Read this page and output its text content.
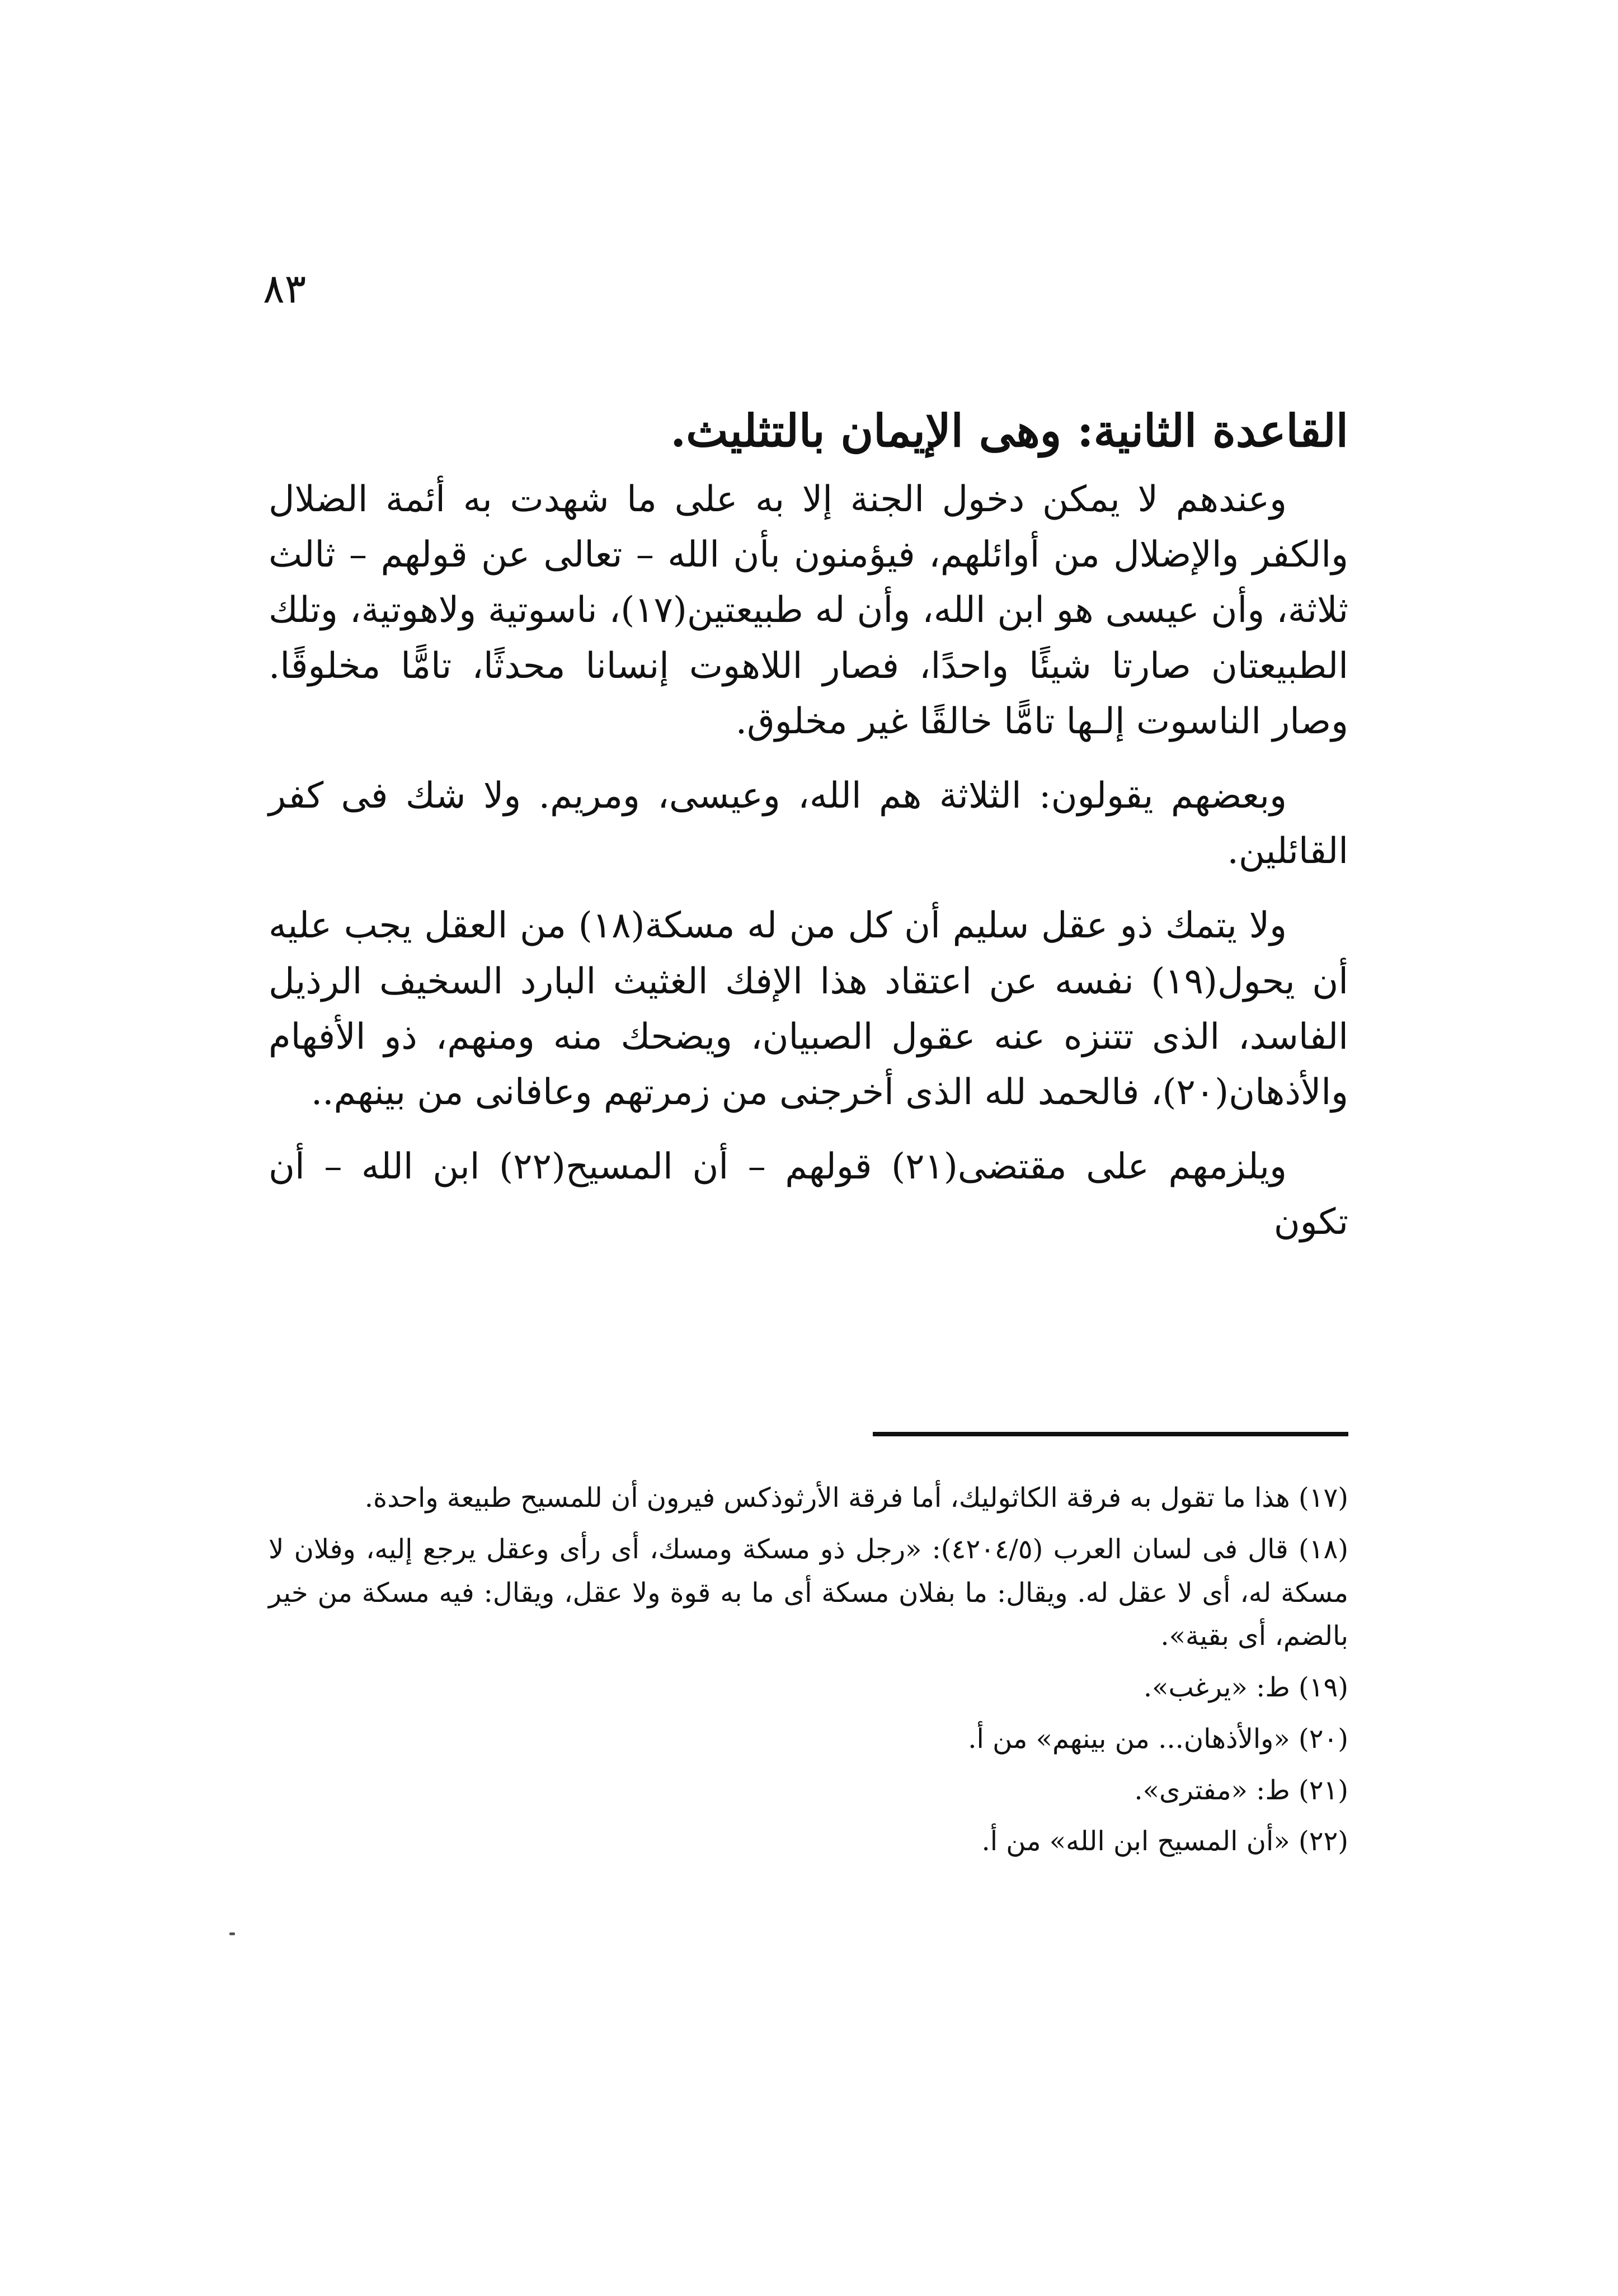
٨٣
القاعدة الثانية: وهى الإيمان بالتثليث.

وعندهم لا يمكن دخول الجنة إلا به على ما شهدت به أئمة الضلال والكفر والإضلال من أوائلهم، فيؤمنون بأن الله – تعالى عن قولهم – ثالث ثلاثة، وأن عيسى هو ابن الله، وأن له طبيعتين(١٧)، ناسوتية ولاهوتية، وتلك الطبيعتان صارتا شيئًا واحدًا، فصار اللاهوت إنسانا محدثًا، تامًّا مخلوقًا. وصار الناسوت إلـها تامًّا خالقًا غير مخلوق.

وبعضهم يقولون: الثلاثة هم الله، وعيسى، ومريم. ولا شك فى كفر القائلين.

ولا يتمك ذو عقل سليم أن كل من له مسكة(١٨) من العقل يجب عليه أن يحول(١٩) نفسه عن اعتقاد هذا الإفك الغثيث البارد السخيف الرذيل الفاسد، الذى تتنزه عنه عقول الصبيان، ويضحك منه ومنهم، ذو الأفهام والأذهان(٢٠)، فالحمد لله الذى أخرجنى من زمرتهم وعافانى من بينهم..

ويلزمهم على مقتضى(٢١) قولهم – أن المسيح(٢٢) ابن الله – أن تكون

(١٧) هذا ما تقول به فرقة الكاثوليك، أما فرقة الأرثوذكس فيرون أن للمسيح طبيعة واحدة.

(١٨) قال فى لسان العرب (٤٢٠٤/٥): «رجل ذو مسكة ومسك، أى رأى وعقل يرجع إليه، وفلان لا مسكة له، أى لا عقل له. ويقال: ما بفلان مسكة أى ما به قوة ولا عقل، ويقال: فيه مسكة من خير بالضم، أى بقية».

(١٩) ط: «يرغب».

(٢٠) «والأذهان... من بينهم» من أ.

(٢١) ط: «مفترى».

(٢٢) «أن المسيح ابن الله» من أ.
